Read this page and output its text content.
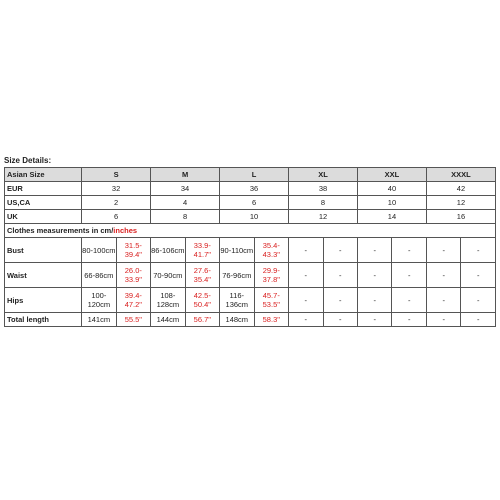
Size Details:
Asian Size	S		M		L		XL		XXL		XXXL	
EUR	32		34		36		38		40		42	
US,CA	2		4		6		8		10		12	
UK	6		8		10		12		14		16	
Clothes measurements in cm/inches												
Bust	80-100cm	31.5-39.4"	86-106cm	33.9-41.7"	90-110cm	35.4-43.3"	-	-	-	-	-	-
Waist	66-86cm	26.0-33.9"	70-90cm	27.6-35.4"	76-96cm	29.9-37.8"	-	-	-	-	-	-
Hips	100-120cm	39.4-47.2"	108-128cm	42.5-50.4"	116-136cm	45.7-53.5"	-	-	-	-	-	-
Total length	141cm	55.5"	144cm	56.7"	148cm	58.3"	-	-	-	-	-	-
